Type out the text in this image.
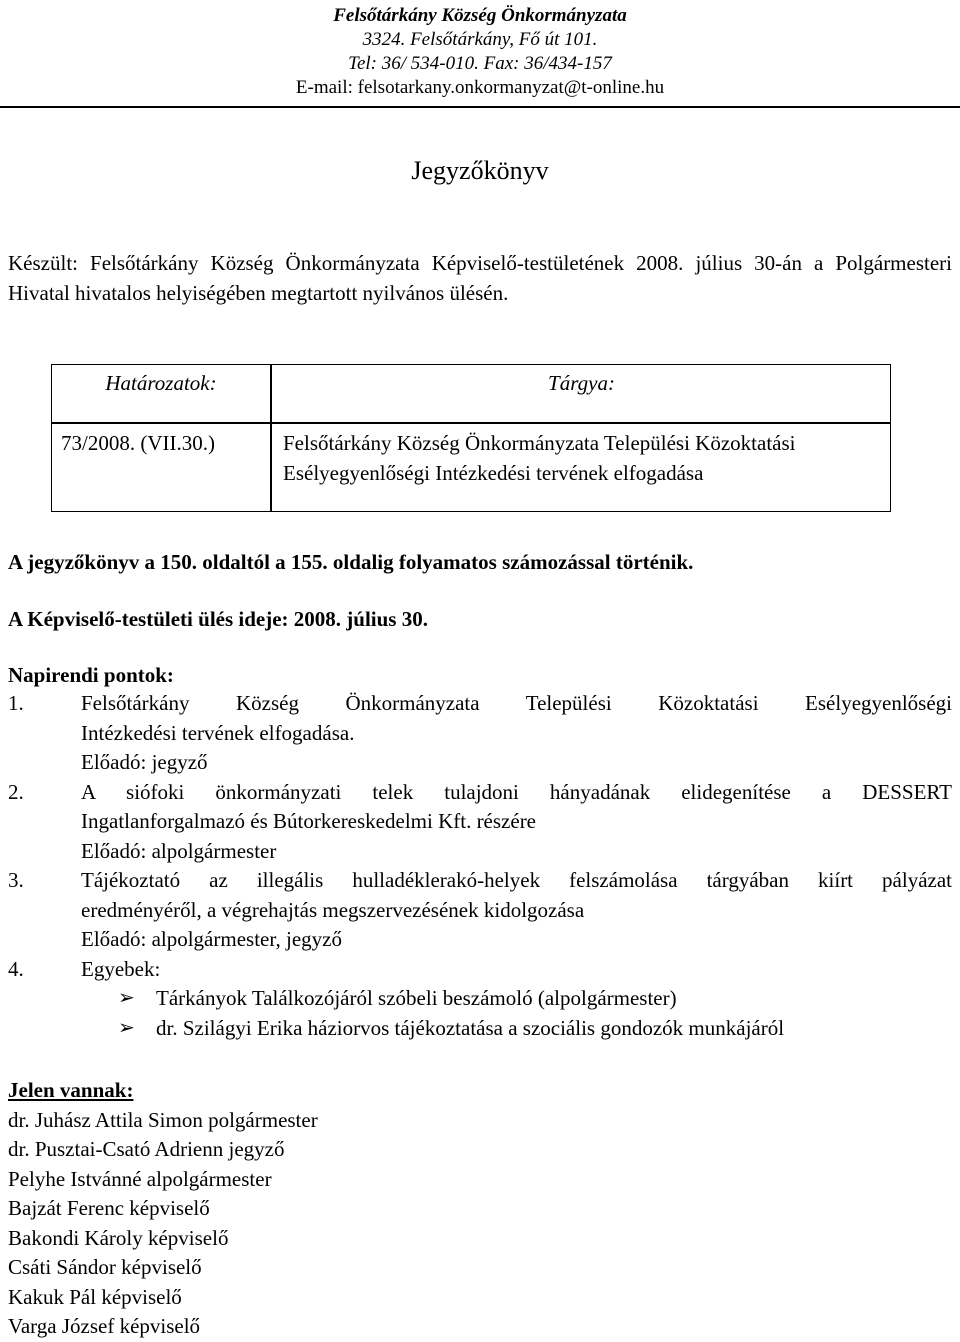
Felsőtárkány Község Önkormányzata
3324. Felsőtárkány, Fő út 101.
Tel: 36/ 534-010. Fax: 36/434-157
E-mail: felsotarkany.onkormanyzat@t-online.hu
Jegyzőkönyv
Készült: Felsőtárkány Község Önkormányzata Képviselő-testületének 2008. július 30-án a Polgármesteri Hivatal hivatalos helyiségében megtartott nyilvános ülésén.
Határozatok:	Tárgya:
73/2008. (VII.30.)	Felsőtárkány Község Önkormányzata Települési Közoktatási Esélyegyenlőségi Intézkedési tervének elfogadása
A jegyzőkönyv a 150. oldaltól a 155. oldalig folyamatos számozással történik.
A Képviselő-testületi ülés ideje: 2008. július 30.
Napirendi pontok:
1.	Felsőtárkány Község Önkormányzata Települési Közoktatási Esélyegyenlőségi
Intézkedési tervének elfogadása.
Előadó: jegyző
2.	A siófoki önkormányzati telek tulajdoni hányadának elidegenítése a DESSERT
Ingatlanforgalmazó és Bútorkereskedelmi Kft. részére
Előadó: alpolgármester
3.	Tájékoztató az illegális hulladéklerakó-helyek felszámolása tárgyában kiírt pályázat
eredményéről, a végrehajtás megszervezésének kidolgozása
Előadó: alpolgármester, jegyző
4.	Egyebek:
➢ Tárkányok Találkozójáról szóbeli beszámoló (alpolgármester)
➢ dr. Szilágyi Erika háziorvos tájékoztatása a szociális gondozók munkájáról
Jelen vannak:
dr. Juhász Attila Simon polgármester
dr. Pusztai-Csató Adrienn jegyző
Pelyhe Istvánné alpolgármester
Bajzát Ferenc képviselő
Bakondi Károly képviselő
Csáti Sándor képviselő
Kakuk Pál képviselő
Varga József képviselő
